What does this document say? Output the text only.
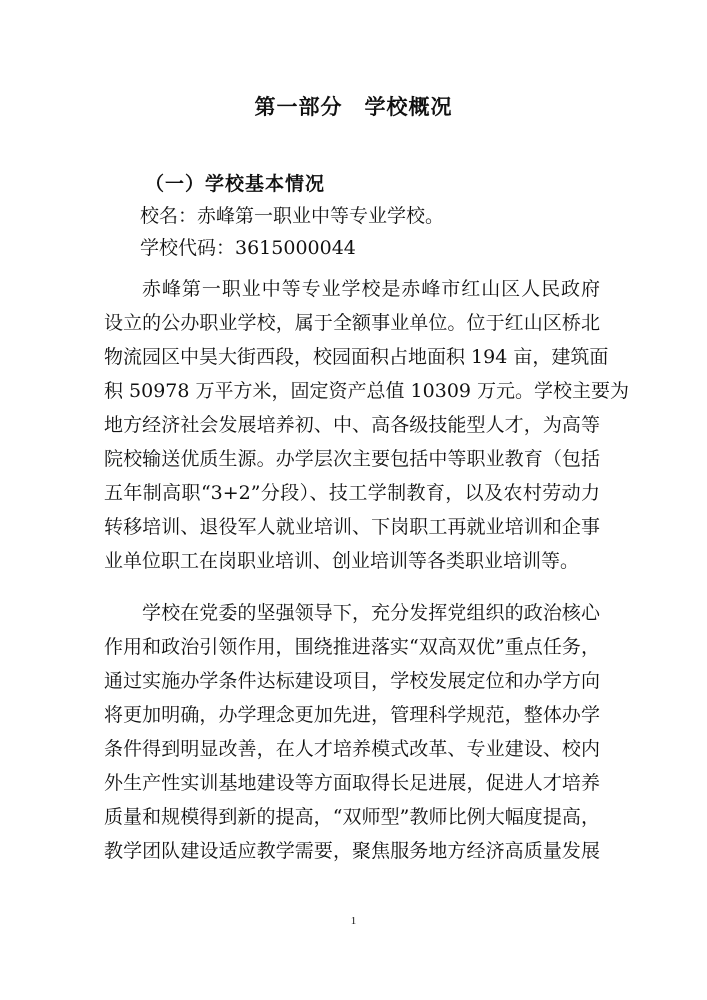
第一部分　学校概况
（一）学校基本情况
校名：赤峰第一职业中等专业学校。
学校代码：3615000044
赤峰第一职业中等专业学校是赤峰市红山区人民政府
设立的公办职业学校，属于全额事业单位。位于红山区桥北
物流园区中昊大街西段，校园面积占地面积 194 亩，建筑面
积 50978 万平方米，固定资产总值 10309 万元。学校主要为
地方经济社会发展培养初、中、高各级技能型人才，为高等
院校输送优质生源。办学层次主要包括中等职业教育（包括
五年制高职“3+2”分段）、技工学制教育，以及农村劳动力
转移培训、退役军人就业培训、下岗职工再就业培训和企事
业单位职工在岗职业培训、创业培训等各类职业培训等。
学校在党委的坚强领导下，充分发挥党组织的政治核心
作用和政治引领作用，围绕推进落实“双高双优”重点任务，
通过实施办学条件达标建设项目，学校发展定位和办学方向
将更加明确，办学理念更加先进，管理科学规范，整体办学
条件得到明显改善，在人才培养模式改革、专业建设、校内
外生产性实训基地建设等方面取得长足进展，促进人才培养
质量和规模得到新的提高，“双师型”教师比例大幅度提高，
教学团队建设适应教学需要，聚焦服务地方经济高质量发展
1
